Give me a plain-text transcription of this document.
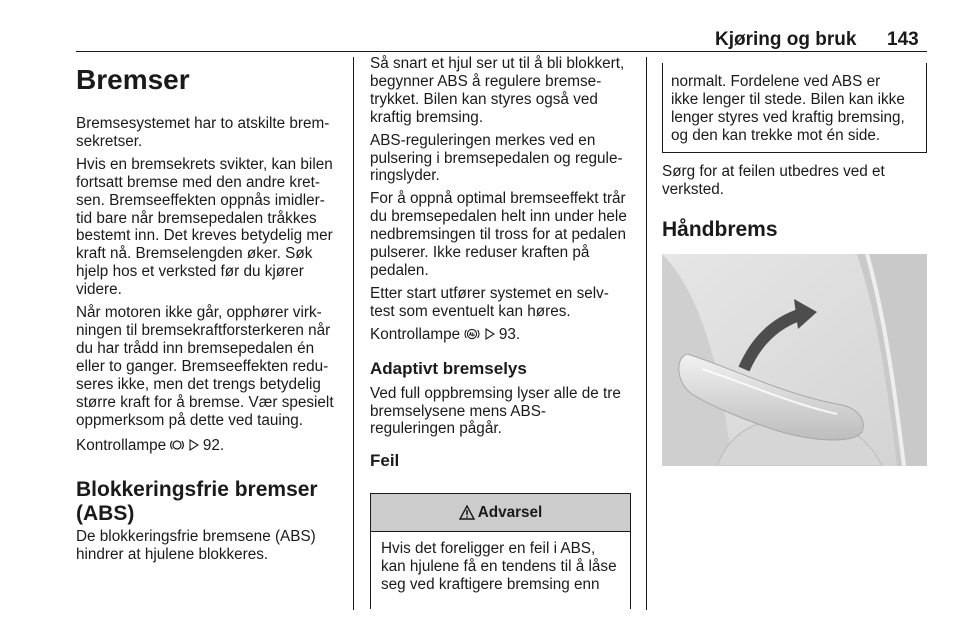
Kjøring og bruk 143
Bremser
Bremsesystemet har to atskilte brem-
sekretser.
Hvis en bremsekrets svikter, kan bilen
fortsatt bremse med den andre kret-
sen. Bremseeffekten oppnås imidler-
tid bare når bremsepedalen tråkkes
bestemt inn. Det kreves betydelig mer
kraft nå. Bremselengden øker. Søk
hjelp hos et verksted før du kjører
videre.
Når motoren ikke går, opphører virk-
ningen til bremsekraftforsterkeren når
du har trådd inn bremsepedalen én
eller to ganger. Bremseeffekten redu-
seres ikke, men det trengs betydelig
større kraft for å bremse. Vær spesielt
oppmerksom på dette ved tauing.
Kontrollampe 92.
Blokkeringsfrie bremser
(ABS)
De blokkeringsfrie bremsene (ABS)
hindrer at hjulene blokkeres.
Så snart et hjul ser ut til å bli blokkert,
begynner ABS å regulere bremse-
trykket. Bilen kan styres også ved
kraftig bremsing.
ABS-reguleringen merkes ved en
pulsering i bremsepedalen og regule-
ringslyder.
For å oppnå optimal bremseeffekt trår
du bremsepedalen helt inn under hele
nedbremsingen til tross for at pedalen
pulserer. Ikke reduser kraften på
pedalen.
Etter start utfører systemet en selv-
test som eventuelt kan høres.
Kontrollampe	93.
Adaptivt bremselys
Ved full oppbremsing lyser alle de tre
bremselysene mens ABS-
reguleringen pågår.
Feil
Advarsel
Hvis det foreligger en feil i ABS,
kan hjulene få en tendens til å låse
seg ved kraftigere bremsing enn
normalt. Fordelene ved ABS er
ikke lenger til stede. Bilen kan ikke
lenger styres ved kraftig bremsing,
og den kan trekke mot én side.
Sørg for at feilen utbedres ved et
verksted.
Håndbrems
